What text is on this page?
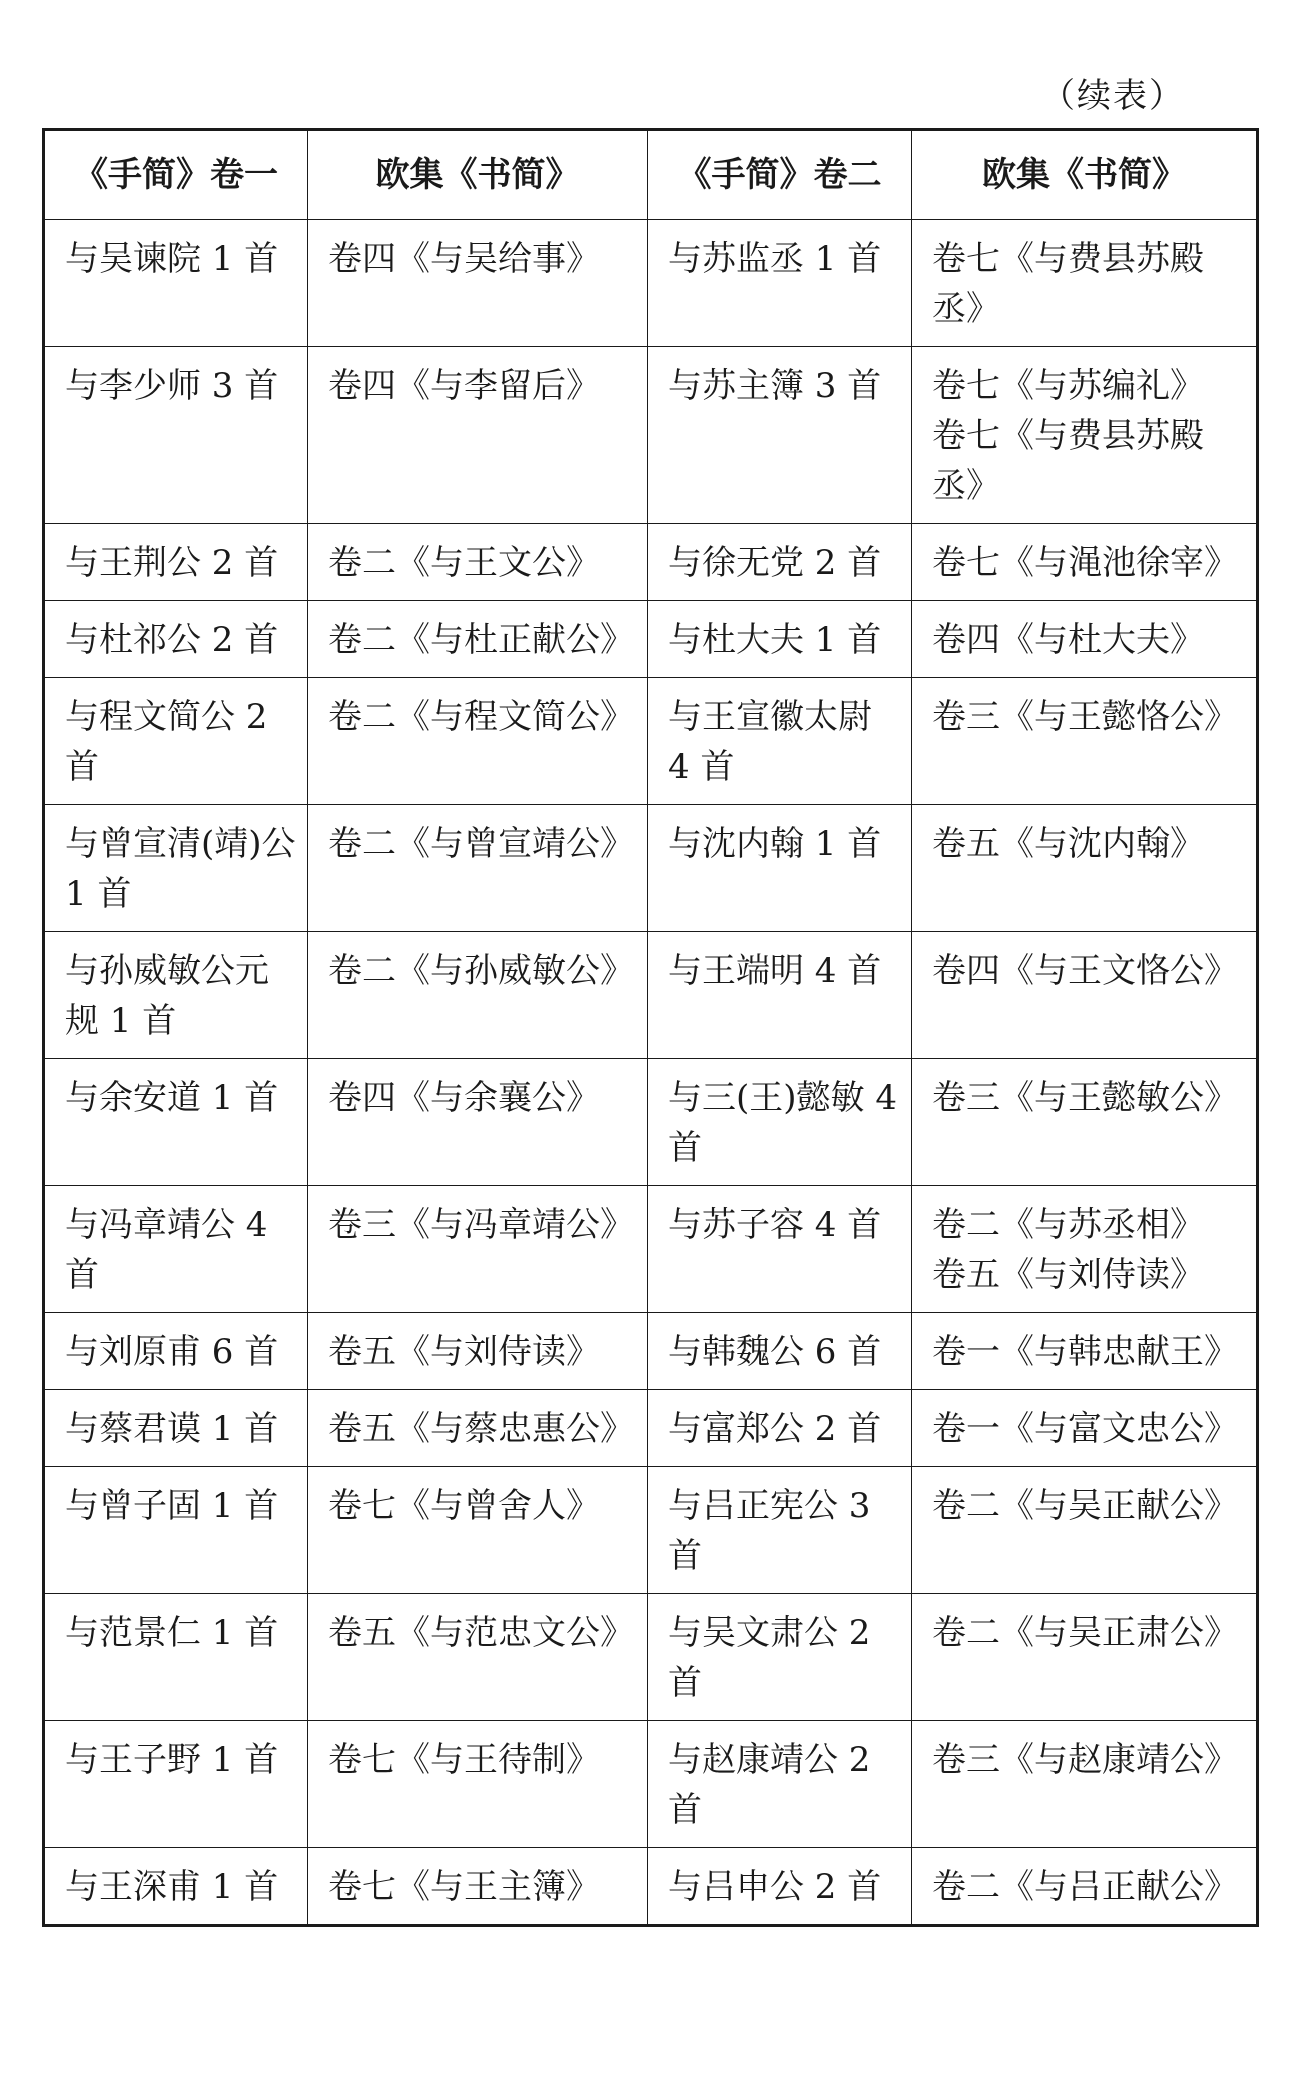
（续表）
《手简》卷一	欧集《书简》	《手简》卷二	欧集《书简》
与吴谏院 1 首	卷四《与吴给事》	与苏监丞 1 首	卷七《与费县苏殿丞》

与李少师 3 首	卷四《与李留后》	与苏主簿 3 首	卷七《与苏编礼》
卷七《与费县苏殿丞》

与王荆公 2 首	卷二《与王文公》	与徐无党 2 首	卷七《与渑池徐宰》

与杜祁公 2 首	卷二《与杜正献公》	与杜大夫 1 首	卷四《与杜大夫》

与程文简公 2 首	卷二《与程文简公》	与王宣徽太尉 4 首	卷三《与王懿恪公》

与曾宣清(靖)公 1 首	卷二《与曾宣靖公》	与沈内翰 1 首	卷五《与沈内翰》

与孙威敏公元规 1 首	卷二《与孙威敏公》	与王端明 4 首	卷四《与王文恪公》

与余安道 1 首	卷四《与余襄公》	与三(王)懿敏 4 首	卷三《与王懿敏公》

与冯章靖公 4 首	卷三《与冯章靖公》	与苏子容 4 首	卷二《与苏丞相》
卷五《与刘侍读》

与刘原甫 6 首	卷五《与刘侍读》	与韩魏公 6 首	卷一《与韩忠献王》

与蔡君谟 1 首	卷五《与蔡忠惠公》	与富郑公 2 首	卷一《与富文忠公》

与曾子固 1 首	卷七《与曾舍人》	与吕正宪公 3 首	卷二《与吴正献公》

与范景仁 1 首	卷五《与范忠文公》	与吴文肃公 2 首	卷二《与吴正肃公》

与王子野 1 首	卷七《与王待制》	与赵康靖公 2 首	卷三《与赵康靖公》

与王深甫 1 首	卷七《与王主簿》	与吕申公 2 首	卷二《与吕正献公》
